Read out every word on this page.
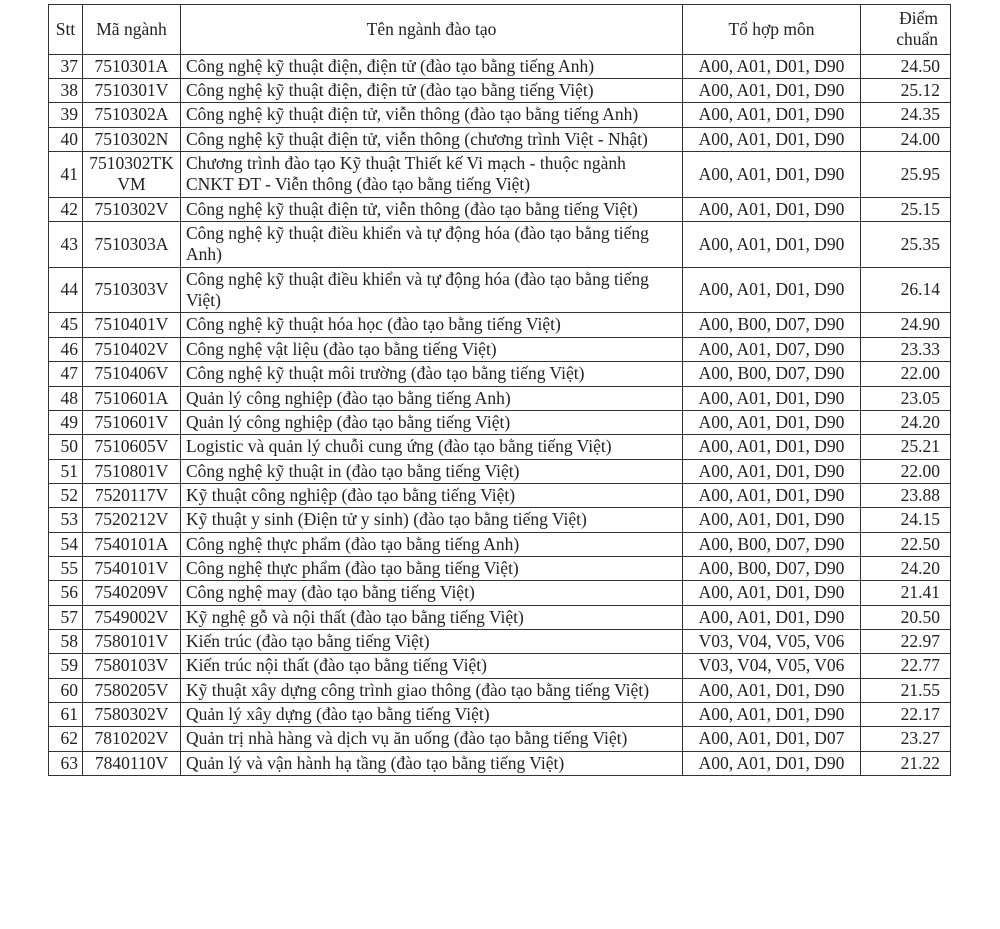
Stt	Mã ngành	Tên ngành đào tạo	Tổ hợp môn	Điểm
chuẩn
37	7510301A	Công nghệ kỹ thuật điện, điện tử (đào tạo bằng tiếng Anh)	A00, A01, D01, D90	24.50
38	7510301V	Công nghệ kỹ thuật điện, điện tử (đào tạo bằng tiếng Việt)	A00, A01, D01, D90	25.12
39	7510302A	Công nghệ kỹ thuật điện tử, viễn thông (đào tạo bằng tiếng Anh)	A00, A01, D01, D90	24.35
40	7510302N	Công nghệ kỹ thuật điện tử, viễn thông (chương trình Việt - Nhật)	A00, A01, D01, D90	24.00
41	7510302TK VM	Chương trình đào tạo Kỹ thuật Thiết kế Vi mạch - thuộc ngành CNKT ĐT - Viễn thông (đào tạo bằng tiếng Việt)	A00, A01, D01, D90	25.95
42	7510302V	Công nghệ kỹ thuật điện tử, viễn thông (đào tạo bằng tiếng Việt)	A00, A01, D01, D90	25.15
43	7510303A	Công nghệ kỹ thuật điều khiển và tự động hóa (đào tạo bằng tiếng Anh)	A00, A01, D01, D90	25.35
44	7510303V	Công nghệ kỹ thuật điều khiển và tự động hóa (đào tạo bằng tiếng Việt)	A00, A01, D01, D90	26.14
45	7510401V	Công nghệ kỹ thuật hóa học (đào tạo bằng tiếng Việt)	A00, B00, D07, D90	24.90
46	7510402V	Công nghệ vật liệu (đào tạo bằng tiếng Việt)	A00, A01, D07, D90	23.33
47	7510406V	Công nghệ kỹ thuật môi trường (đào tạo bằng tiếng Việt)	A00, B00, D07, D90	22.00
48	7510601A	Quản lý công nghiệp (đào tạo bằng tiếng Anh)	A00, A01, D01, D90	23.05
49	7510601V	Quản lý công nghiệp (đào tạo bằng tiếng Việt)	A00, A01, D01, D90	24.20
50	7510605V	Logistic và quản lý chuỗi cung ứng (đào tạo bằng tiếng Việt)	A00, A01, D01, D90	25.21
51	7510801V	Công nghệ kỹ thuật in (đào tạo bằng tiếng Việt)	A00, A01, D01, D90	22.00
52	7520117V	Kỹ thuật công nghiệp (đào tạo bằng tiếng Việt)	A00, A01, D01, D90	23.88
53	7520212V	Kỹ thuật y sinh (Điện tử y sinh) (đào tạo bằng tiếng Việt)	A00, A01, D01, D90	24.15
54	7540101A	Công nghệ thực phẩm (đào tạo bằng tiếng Anh)	A00, B00, D07, D90	22.50
55	7540101V	Công nghệ thực phẩm (đào tạo bằng tiếng Việt)	A00, B00, D07, D90	24.20
56	7540209V	Công nghệ may (đào tạo bằng tiếng Việt)	A00, A01, D01, D90	21.41
57	7549002V	Kỹ nghệ gỗ và nội thất (đào tạo bằng tiếng Việt)	A00, A01, D01, D90	20.50
58	7580101V	Kiến trúc (đào tạo bằng tiếng Việt)	V03, V04, V05, V06	22.97
59	7580103V	Kiến trúc nội thất (đào tạo bằng tiếng Việt)	V03, V04, V05, V06	22.77
60	7580205V	Kỹ thuật xây dựng công trình giao thông (đào tạo bằng tiếng Việt)	A00, A01, D01, D90	21.55
61	7580302V	Quản lý xây dựng (đào tạo bằng tiếng Việt)	A00, A01, D01, D90	22.17
62	7810202V	Quản trị nhà hàng và dịch vụ ăn uống (đào tạo bằng tiếng Việt)	A00, A01, D01, D07	23.27
63	7840110V	Quản lý và vận hành hạ tầng (đào tạo bằng tiếng Việt)	A00, A01, D01, D90	21.22
